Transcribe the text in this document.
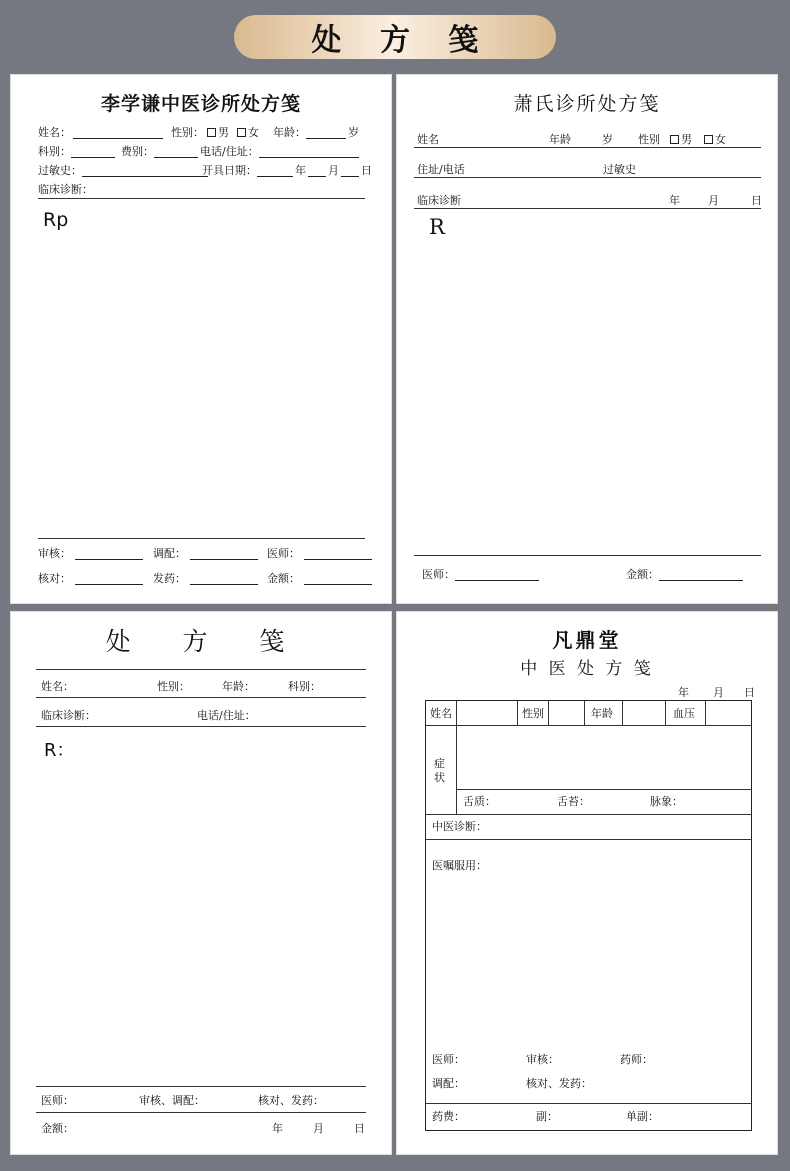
处 方 笺
李学谦中医诊所处方笺
姓名：	性别： 男 女 年龄：	岁
科别：	费别：	电话/住址：
过敏史：	开具日期：	年 月 日
临床诊断：
Rp
审核：	调配：	医师：
核对：	发药：	金额：
萧氏诊所处方笺
姓名	年龄	岁 性别 男 女
住址/电话	过敏史
临床诊断	年	月	日
R
医师：	金额：
处  方  笺
姓名：	性别：	年龄：	科别：
临床诊断：	电话/住址：
R：
医师：	审核、调配：	核对、发药：
金额：	年	月	日
凡鼎堂
中 医 处 方 笺
年 月 日
姓名	性别	年龄	血压
症
状
舌质：	舌苔：	脉象：
中医诊断：
医嘱服用：
医师：	审核：	药师：
调配：	核对、发药：
药费：	副：	单副：
